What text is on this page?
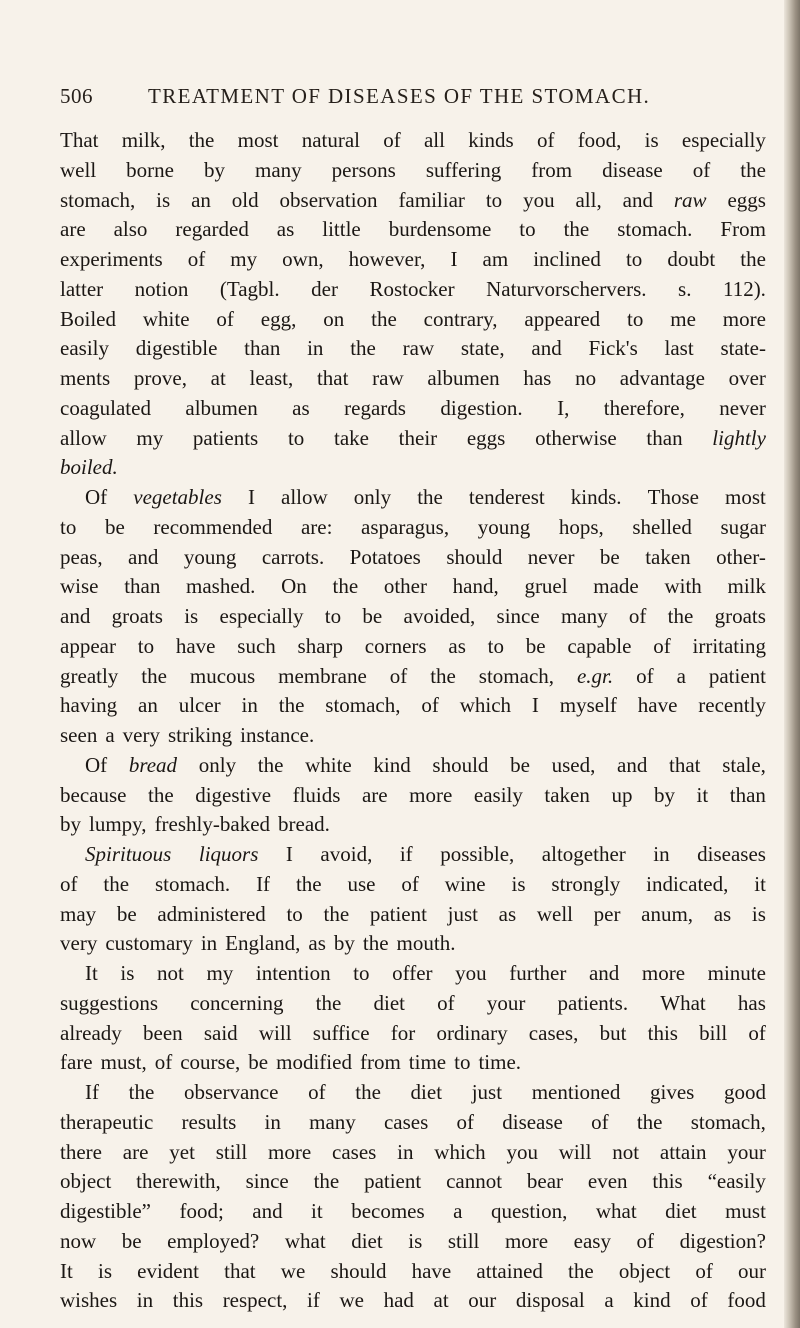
506	TREATMENT OF DISEASES OF THE STOMACH.
That milk, the most natural of all kinds of food, is especially
well borne by many persons suffering from disease of the
stomach, is an old observation familiar to you all, and raw eggs
are also regarded as little burdensome to the stomach. From
experiments of my own, however, I am inclined to doubt the
latter notion (Tagbl. der Rostocker Naturvorschervers. s. 112).
Boiled white of egg, on the contrary, appeared to me more
easily digestible than in the raw state, and Fick's last state-
ments prove, at least, that raw albumen has no advantage over
coagulated albumen as regards digestion. I, therefore, never
allow my patients to take their eggs otherwise than lightly
boiled.
Of vegetables I allow only the tenderest kinds. Those most
to be recommended are: asparagus, young hops, shelled sugar
peas, and young carrots. Potatoes should never be taken other-
wise than mashed. On the other hand, gruel made with milk
and groats is especially to be avoided, since many of the groats
appear to have such sharp corners as to be capable of irritating
greatly the mucous membrane of the stomach, e.gr. of a patient
having an ulcer in the stomach, of which I myself have recently
seen a very striking instance.
Of bread only the white kind should be used, and that stale,
because the digestive fluids are more easily taken up by it than
by lumpy, freshly-baked bread.
Spirituous liquors I avoid, if possible, altogether in diseases
of the stomach. If the use of wine is strongly indicated, it
may be administered to the patient just as well per anum, as is
very customary in England, as by the mouth.
It is not my intention to offer you further and more minute
suggestions concerning the diet of your patients. What has
already been said will suffice for ordinary cases, but this bill of
fare must, of course, be modified from time to time.
If the observance of the diet just mentioned gives good
therapeutic results in many cases of disease of the stomach,
there are yet still more cases in which you will not attain your
object therewith, since the patient cannot bear even this “easily
digestible” food; and it becomes a question, what diet must
now be employed? what diet is still more easy of digestion?
It is evident that we should have attained the object of our
wishes in this respect, if we had at our disposal a kind of food
